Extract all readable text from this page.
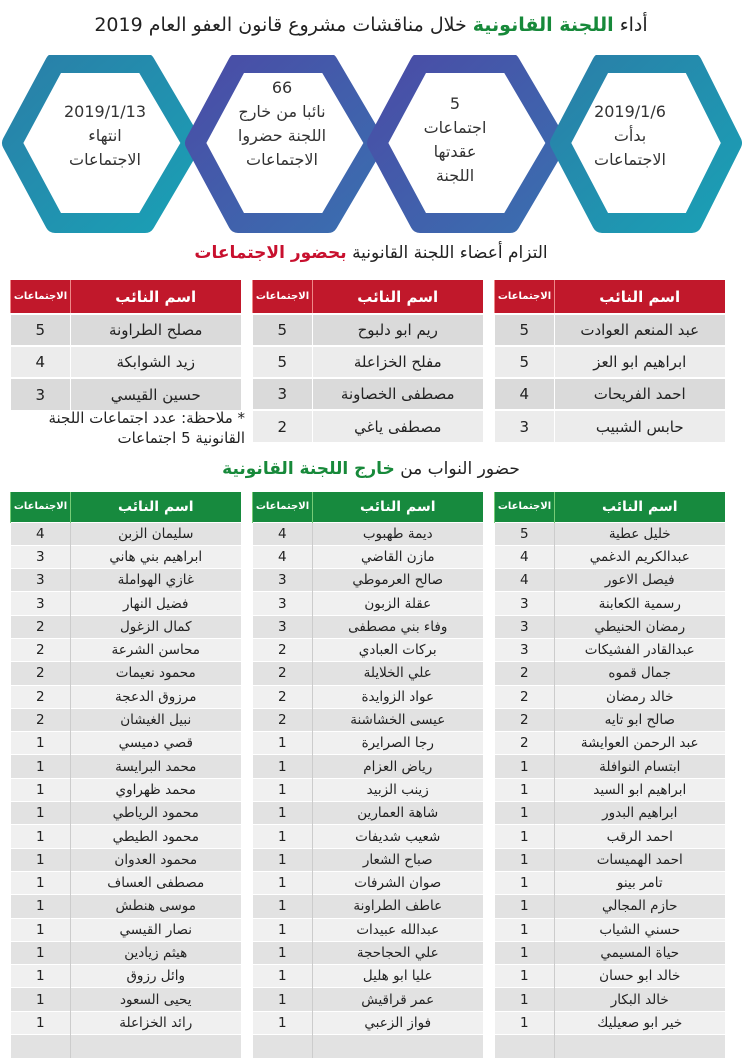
أداء اللجنة القانونية خلال مناقشات مشروع قانون العفو العام 2019
2019/1/6
بدأت الاجتماعات
5
اجتماعات عقدتها اللجنة
66
نائبا من خارج اللجنة حضروا الاجتماعات
2019/1/13
انتهاء الاجتماعات
التزام أعضاء اللجنة القانونية بحضور الاجتماعات
اسم النائب	الاجتماعات
عبد المنعم العوادت	5
ابراهيم ابو العز	5
احمد الفريحات	4
حابس الشبيب	3
اسم النائب	الاجتماعات
ريم ابو دلبوح	5
مفلح الخزاعلة	5
مصطفى الخصاونة	3
مصطفى ياغي	2
اسم النائب	الاجتماعات
مصلح الطراونة	5
زيد الشوابكة	4
حسين القيسي	3
* ملاحظة: عدد اجتماعات اللجنة القانونية 5 اجتماعات
حضور النواب من خارج اللجنة القانونية
اسم النائب	الاجتماعات
خليل عطية	5
عبدالكريم الدغمي	4
فيصل الاعور	4
رسمية الكعابنة	3
رمضان الحنيطي	3
عبدالقادر الفشيكات	3
جمال قموه	2
خالد رمضان	2
صالح ابو تايه	2
عبد الرحمن العوايشة	2
ابتسام النوافلة	1
ابراهيم ابو السيد	1
ابراهيم البدور	1
احمد الرقب	1
احمد الهميسات	1
تامر بينو	1
حازم المجالي	1
حسني الشياب	1
حياة المسيمي	1
خالد ابو حسان	1
خالد البكار	1
خير ابو صعيليك	1

اسم النائب	الاجتماعات
ديمة طهبوب	4
مازن القاضي	4
صالح العرموطي	3
عقلة الزبون	3
وفاء بني مصطفى	3
بركات العبادي	2
علي الخلايلة	2
عواد الزوايدة	2
عيسى الخشاشنة	2
رجا الصرايرة	1
رياض العزام	1
زينب الزبيد	1
شاهة العمارين	1
شعيب شديفات	1
صباح الشعار	1
صوان الشرفات	1
عاطف الطراونة	1
عبدالله عبيدات	1
علي الحجاحجة	1
عليا ابو هليل	1
عمر قراقيش	1
فواز الزعبي	1

اسم النائب	الاجتماعات
سليمان الزبن	4
ابراهيم بني هاني	3
غازي الهواملة	3
فضيل النهار	3
كمال الزغول	2
محاسن الشرعة	2
محمود نعيمات	2
مرزوق الدعجة	2
نبيل الغيشان	2
قصي دميسي	1
محمد البرايسة	1
محمد ظهراوي	1
محمود الرياطي	1
محمود الطيطي	1
محمود العدوان	1
مصطفى العساف	1
موسى هنطش	1
نصار القيسي	1
هيثم زيادين	1
وائل رزوق	1
يحيى السعود	1
رائد الخزاعلة	1
